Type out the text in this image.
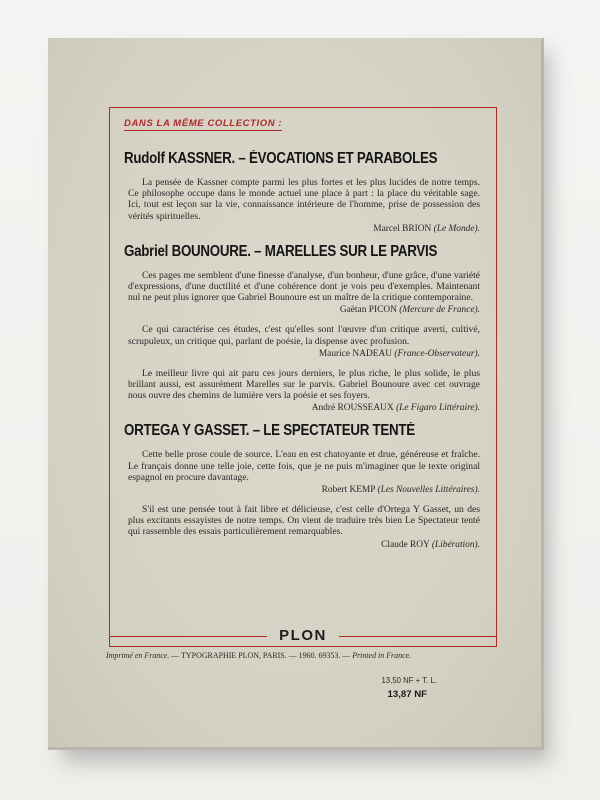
DANS LA MÊME COLLECTION :
Rudolf KASSNER. – ÉVOCATIONS ET PARABOLES

La pensée de Kassner compte parmi les plus fortes et les plus lucides de notre temps. Ce philosophe occupe dans le monde actuel une place à part : la place du véritable sage. Ici, tout est leçon sur la vie, connaissance intérieure de l'homme, prise de possession des vérités spirituelles.

Marcel BRION (Le Monde).
Gabriel BOUNOURE. – MARELLES SUR LE PARVIS

Ces pages me semblent d'une finesse d'analyse, d'un bonheur, d'une grâce, d'une variété d'expressions, d'une ductilité et d'une cohérence dont je vois peu d'exemples. Maintenant nul ne peut plus ignorer que Gabriel Bounoure est un maître de la critique contemporaine.

Gaëtan PICON (Mercure de France).

Ce qui caractérise ces études, c'est qu'elles sont l'œuvre d'un critique averti, cultivé, scrupuleux, un critique qui, parlant de poésie, la dispense avec profusion.

Maurice NADEAU (France-Observateur).

Le meilleur livre qui ait paru ces jours derniers, le plus riche, le plus solide, le plus brillant aussi, est assurément Marelles sur le parvis. Gabriel Bounoure avec cet ouvrage nous ouvre des chemins de lumière vers la poésie et ses foyers.

André ROUSSEAUX (Le Figaro Littéraire).
ORTEGA Y GASSET. – LE SPECTATEUR TENTÉ

Cette belle prose coule de source. L'eau en est chatoyante et drue, généreuse et fraîche. Le français donne une telle joie, cette fois, que je ne puis m'imaginer que le texte original espagnol en procure davantage.

Robert KEMP (Les Nouvelles Littéraires).

S'il est une pensée tout à fait libre et délicieuse, c'est celle d'Ortega Y Gasset, un des plus excitants essayistes de notre temps. On vient de traduire très bien Le Spectateur tenté qui rassemble des essais particulièrement remarquables.

Claude ROY (Libération).
PLON
Imprimé en France. — TYPOGRAPHIE PLON, PARIS. — 1960. 69353. — Printed in France.
13,50 NF + T. L.
13,87 NF
